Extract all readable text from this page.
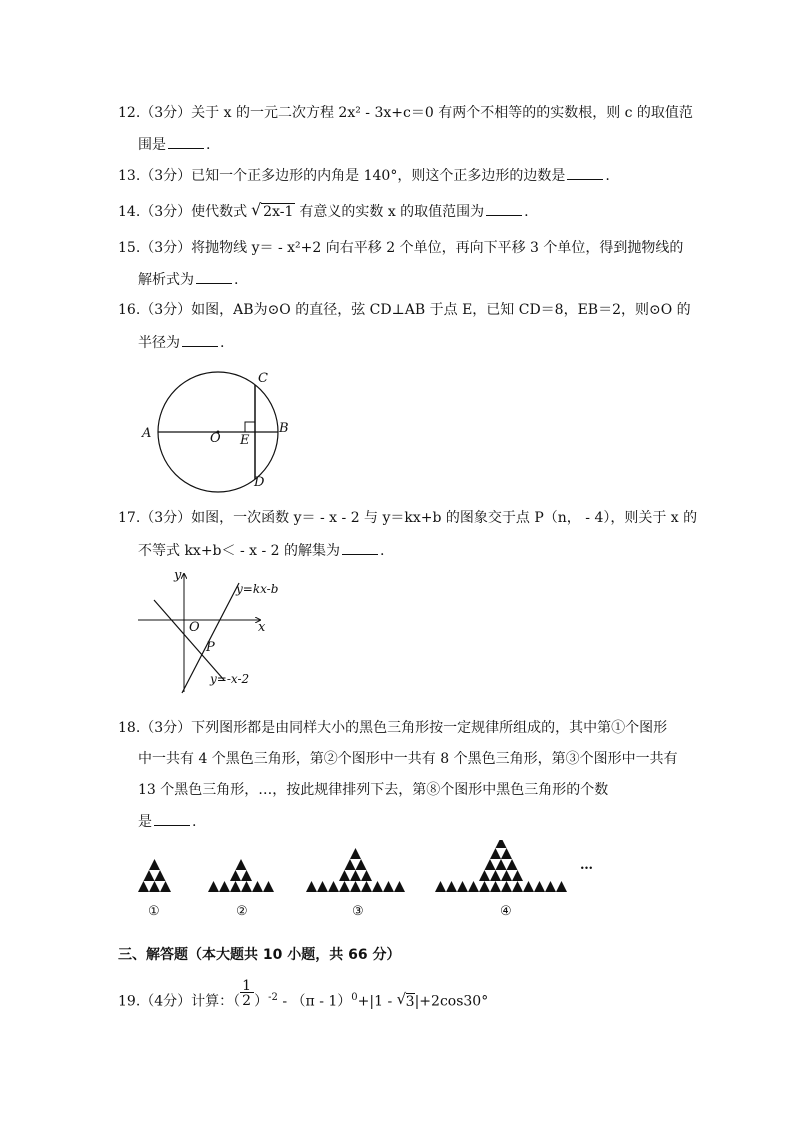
12.（3分）关于 x 的一元二次方程 2x² - 3x+c＝0 有两个不相等的的实数根，则 c 的取值范
围是	.
13.（3分）已知一个正多边形的内角是 140°，则这个正多边形的边数是	.
14.（3分）使代数式 √ 2x-1 有意义的实数 x 的取值范围为	.
15.（3分）将抛物线 y＝ - x²+2 向右平移 2 个单位，再向下平移 3 个单位，得到抛物线的
解析式为	.
16.（3分）如图，AB为⊙O 的直径，弦 CD⊥AB 于点 E，已知 CD＝8，EB＝2，则⊙O 的
半径为	.
A	B
C
D
E
O
17.（3分）如图，一次函数 y＝ - x - 2 与 y＝kx+b 的图象交于点 P（n， - 4），则关于 x 的
不等式 kx+b＜ - x - 2 的解集为	.
y
x
O
P
y=kx-b
y=-x-2
18.（3分）下列图形都是由同样大小的黑色三角形按一定规律所组成的，其中第①个图形
中一共有 4 个黑色三角形，第②个图形中一共有 8 个黑色三角形，第③个图形中一共有
13 个黑色三角形，…，按此规律排列下去，第⑧个图形中黑色三角形的个数
是	.
①	②	③	④
…
三、解答题（本大题共 10 小题，共 66 分）
19.（4分）计算：（ $\frac{1}{2} )^{-2} - (\pi - 1)^0+|1$ - √ 3|+2cos30°
